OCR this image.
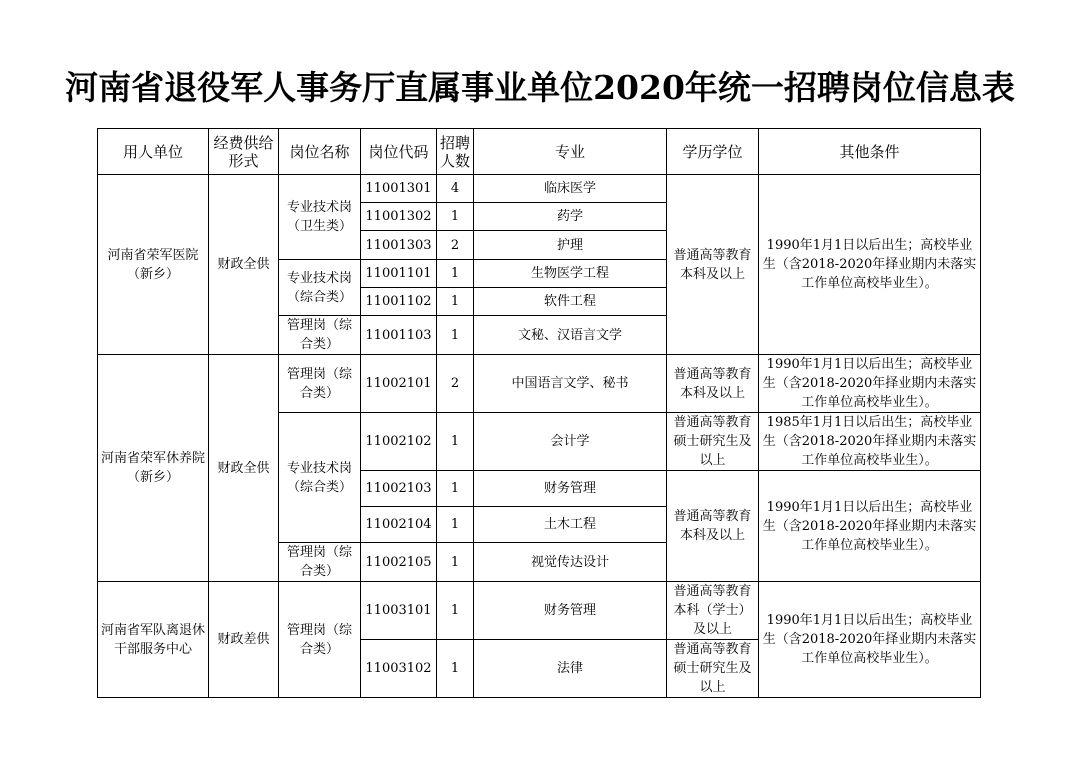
河南省退役军人事务厅直属事业单位2020年统一招聘岗位信息表
用人单位	经费供给形式	岗位名称	岗位代码	招聘人数	专业	学历学位	其他条件
河南省荣军医院（新乡）	财政全供	专业技术岗（卫生类）	11001301	4	临床医学	普通高等教育本科及以上	1990年1月1日以后出生；高校毕业生（含2018-2020年择业期内未落实工作单位高校毕业生）。
			11001302	1	药学		
			11001303	2	护理		
		专业技术岗（综合类）	11001101	1	生物医学工程		
			11001102	1	软件工程		
		管理岗（综合类）	11001103	1	文秘、汉语言文学		
河南省荣军休养院（新乡）	财政全供	管理岗（综合类）	11002101	2	中国语言文学、秘书	普通高等教育本科及以上	1990年1月1日以后出生；高校毕业生（含2018-2020年择业期内未落实工作单位高校毕业生）。
		专业技术岗（综合类）	11002102	1	会计学	普通高等教育硕士研究生及以上	1985年1月1日以后出生；高校毕业生（含2018-2020年择业期内未落实工作单位高校毕业生）。
			11002103	1	财务管理	普通高等教育本科及以上	1990年1月1日以后出生；高校毕业生（含2018-2020年择业期内未落实工作单位高校毕业生）。
			11002104	1	土木工程		
		管理岗（综合类）	11002105	1	视觉传达设计		
河南省军队离退休干部服务中心	财政差供	管理岗（综合类）	11003101	1	财务管理	普通高等教育本科（学士）及以上	1990年1月1日以后出生；高校毕业生（含2018-2020年择业期内未落实工作单位高校毕业生）。
			11003102	1	法律	普通高等教育硕士研究生及以上	
